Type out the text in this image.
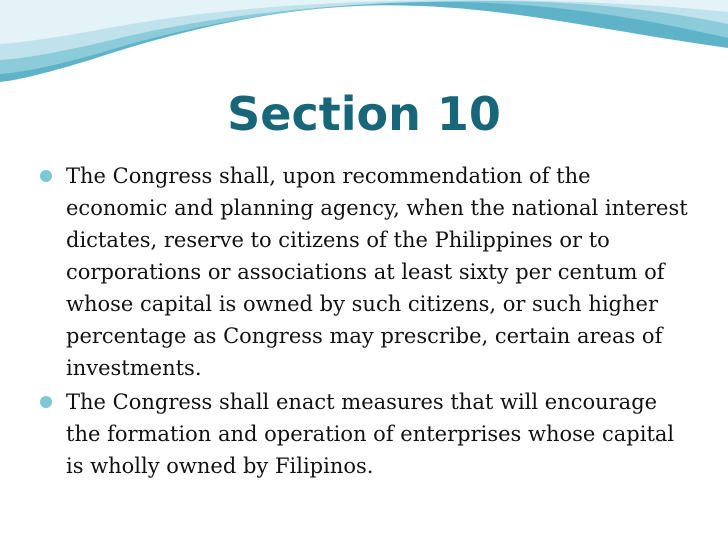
Section 10
The Congress shall, upon recommendation of the economic and planning agency, when the national interest dictates, reserve to citizens of the Philippines or to corporations or associations at least sixty per centum of whose capital is owned by such citizens, or such higher percentage as Congress may prescribe, certain areas of investments.
The Congress shall enact measures that will encourage the formation and operation of enterprises whose capital is wholly owned by Filipinos.
